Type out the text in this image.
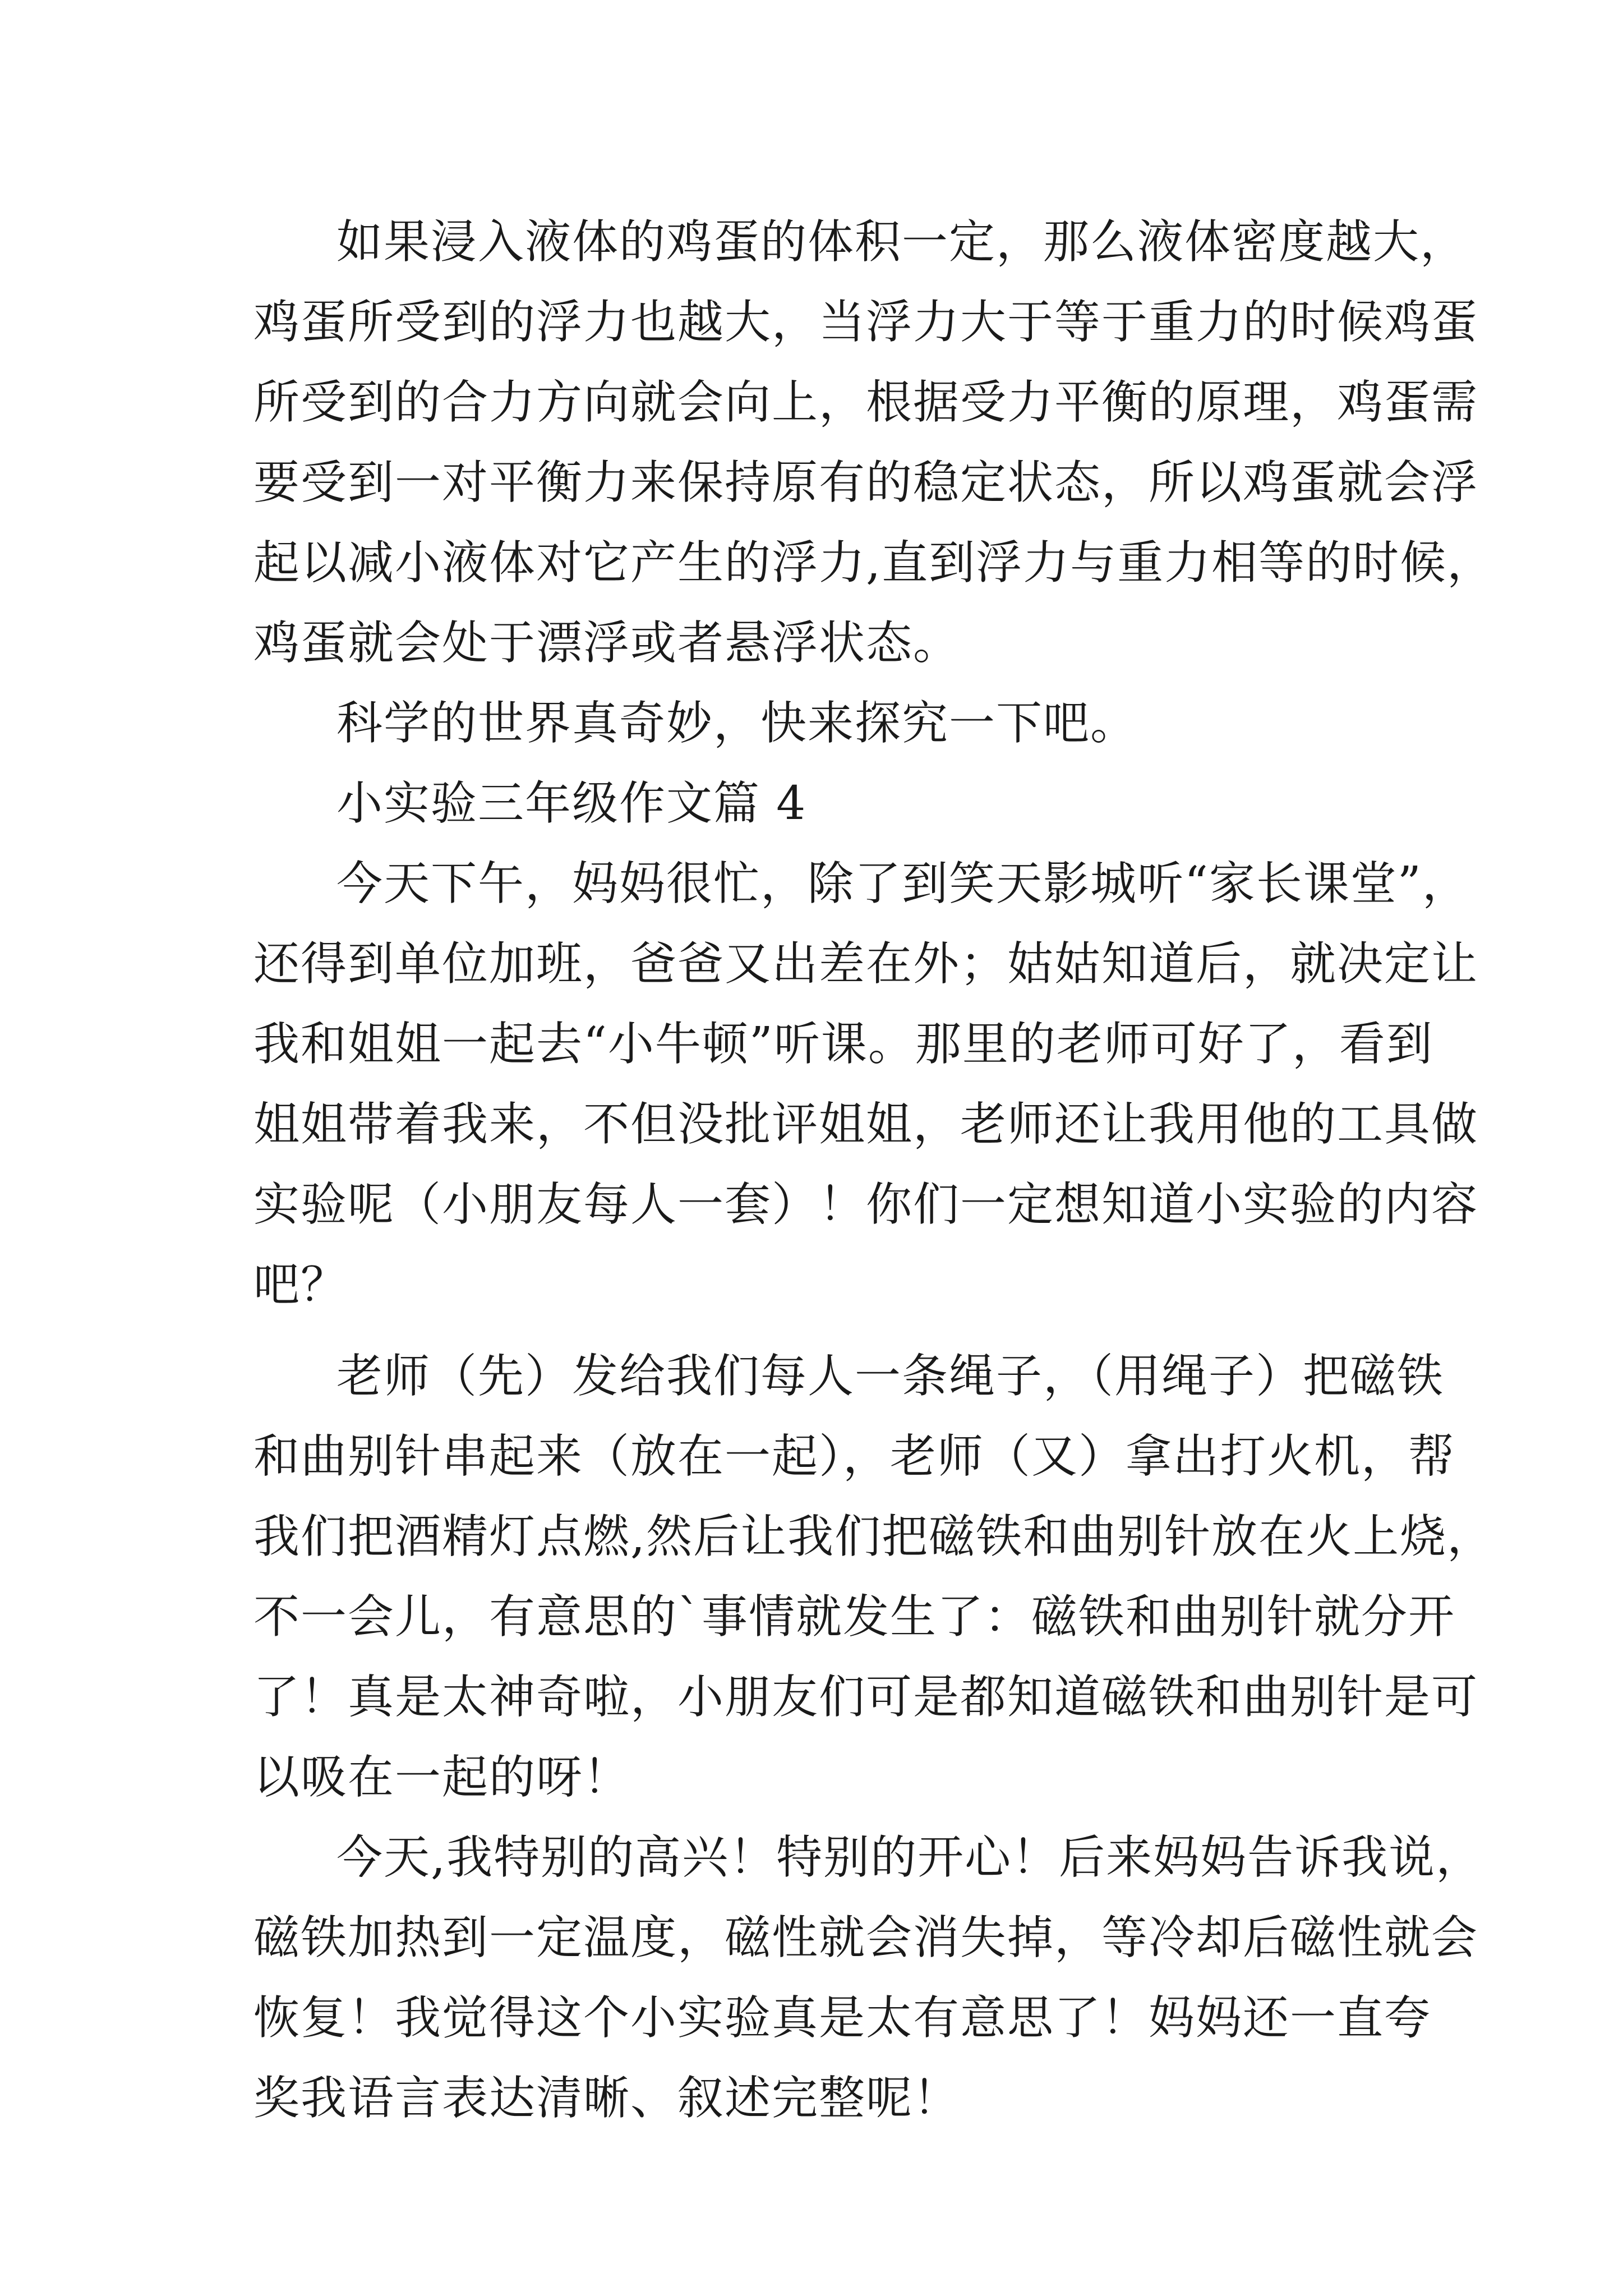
如果浸入液体的鸡蛋的体积一定，那么液体密度越大，
鸡蛋所受到的浮力也越大，当浮力大于等于重力的时候鸡蛋
所受到的合力方向就会向上，根据受力平衡的原理，鸡蛋需
要受到一对平衡力来保持原有的稳定状态，所以鸡蛋就会浮
起以减小液体对它产生的浮力,直到浮力与重力相等的时候，
鸡蛋就会处于漂浮或者悬浮状态。
科学的世界真奇妙，快来探究一下吧。
小实验三年级作文篇 4
今天下午，妈妈很忙，除了到笑天影城听“家长课堂”，
还得到单位加班，爸爸又出差在外；姑姑知道后，就决定让
我和姐姐一起去“小牛顿”听课。那里的老师可好了，看到
姐姐带着我来，不但没批评姐姐，老师还让我用他的工具做
实验呢（小朋友每人一套）！你们一定想知道小实验的内容
吧？
老师（先）发给我们每人一条绳子，（用绳子）把磁铁
和曲别针串起来（放在一起），老师（又）拿出打火机，帮
我们把酒精灯点燃,然后让我们把磁铁和曲别针放在火上烧，
不一会儿，有意思的`事情就发生了：磁铁和曲别针就分开
了！真是太神奇啦，小朋友们可是都知道磁铁和曲别针是可
以吸在一起的呀！
今天,我特别的高兴！特别的开心！后来妈妈告诉我说，
磁铁加热到一定温度，磁性就会消失掉，等冷却后磁性就会
恢复！我觉得这个小实验真是太有意思了！妈妈还一直夸
奖我语言表达清晰、叙述完整呢！
